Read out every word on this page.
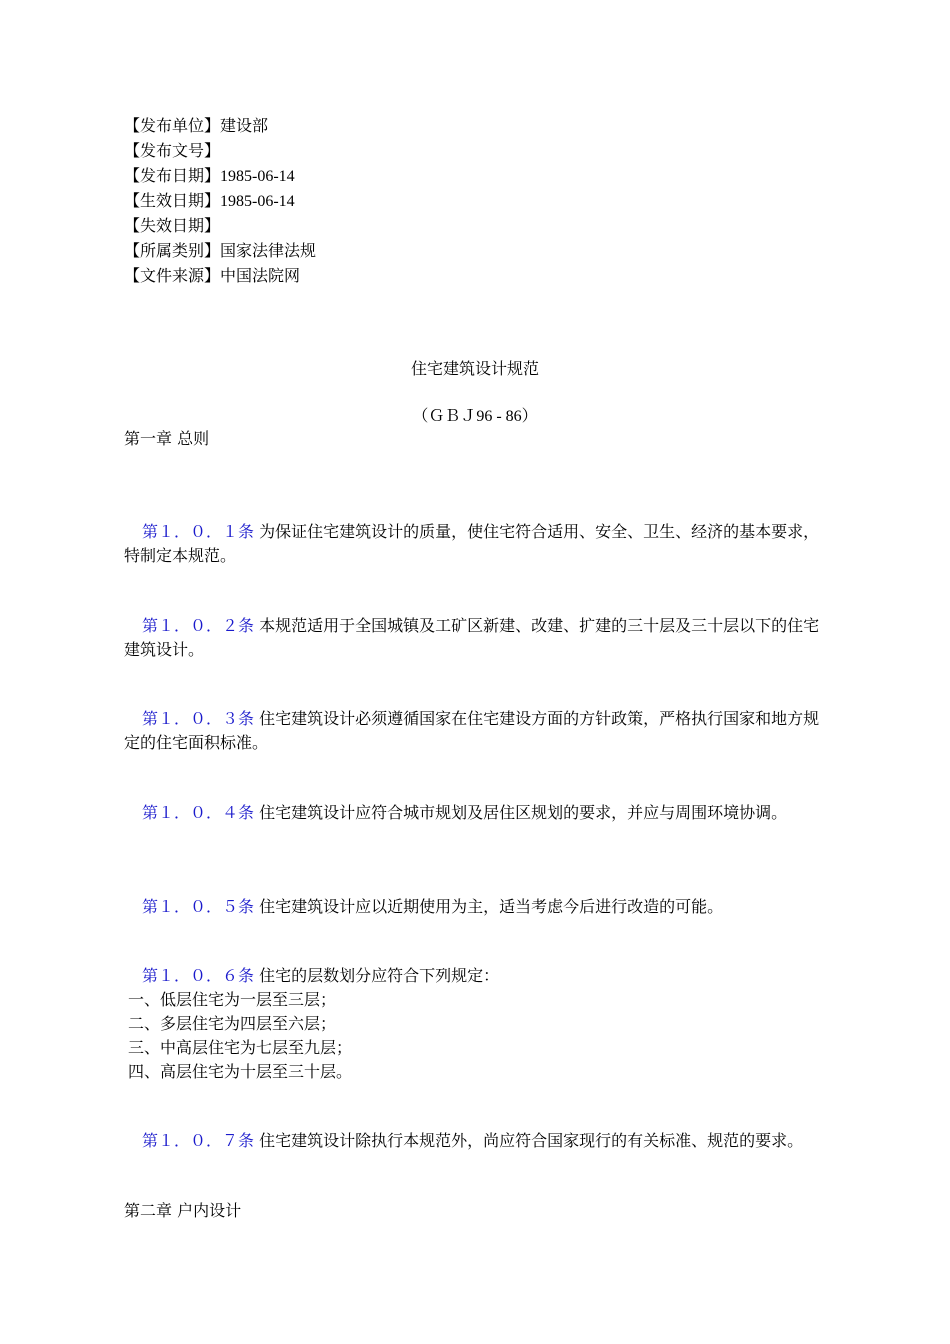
【发布单位】建设部

【发布文号】

【发布日期】1985-06-14

【生效日期】1985-06-14

【失效日期】

【所属类别】国家法律法规

【文件来源】中国法院网

住宅建筑设计规范

（ＧＢＪ96 - 86）

第一章 总则

第１．０．１条 为保证住宅建筑设计的质量，使住宅符合适用、安全、卫生、经济的基本要求，特制定本规范。

第１．０．２条 本规范适用于全国城镇及工矿区新建、改建、扩建的三十层及三十层以下的住宅建筑设计。

第１．０．３条 住宅建筑设计必须遵循国家在住宅建设方面的方针政策，严格执行国家和地方规定的住宅面积标准。

第１．０．４条 住宅建筑设计应符合城市规划及居住区规划的要求，并应与周围环境协调。

第１．０．５条 住宅建筑设计应以近期使用为主，适当考虑今后进行改造的可能。

第１．０．６条 住宅的层数划分应符合下列规定：

一、低层住宅为一层至三层；

二、多层住宅为四层至六层；

三、中高层住宅为七层至九层；

四、高层住宅为十层至三十层。

第１．０．７条 住宅建筑设计除执行本规范外，尚应符合国家现行的有关标准、规范的要求。

第二章 户内设计
